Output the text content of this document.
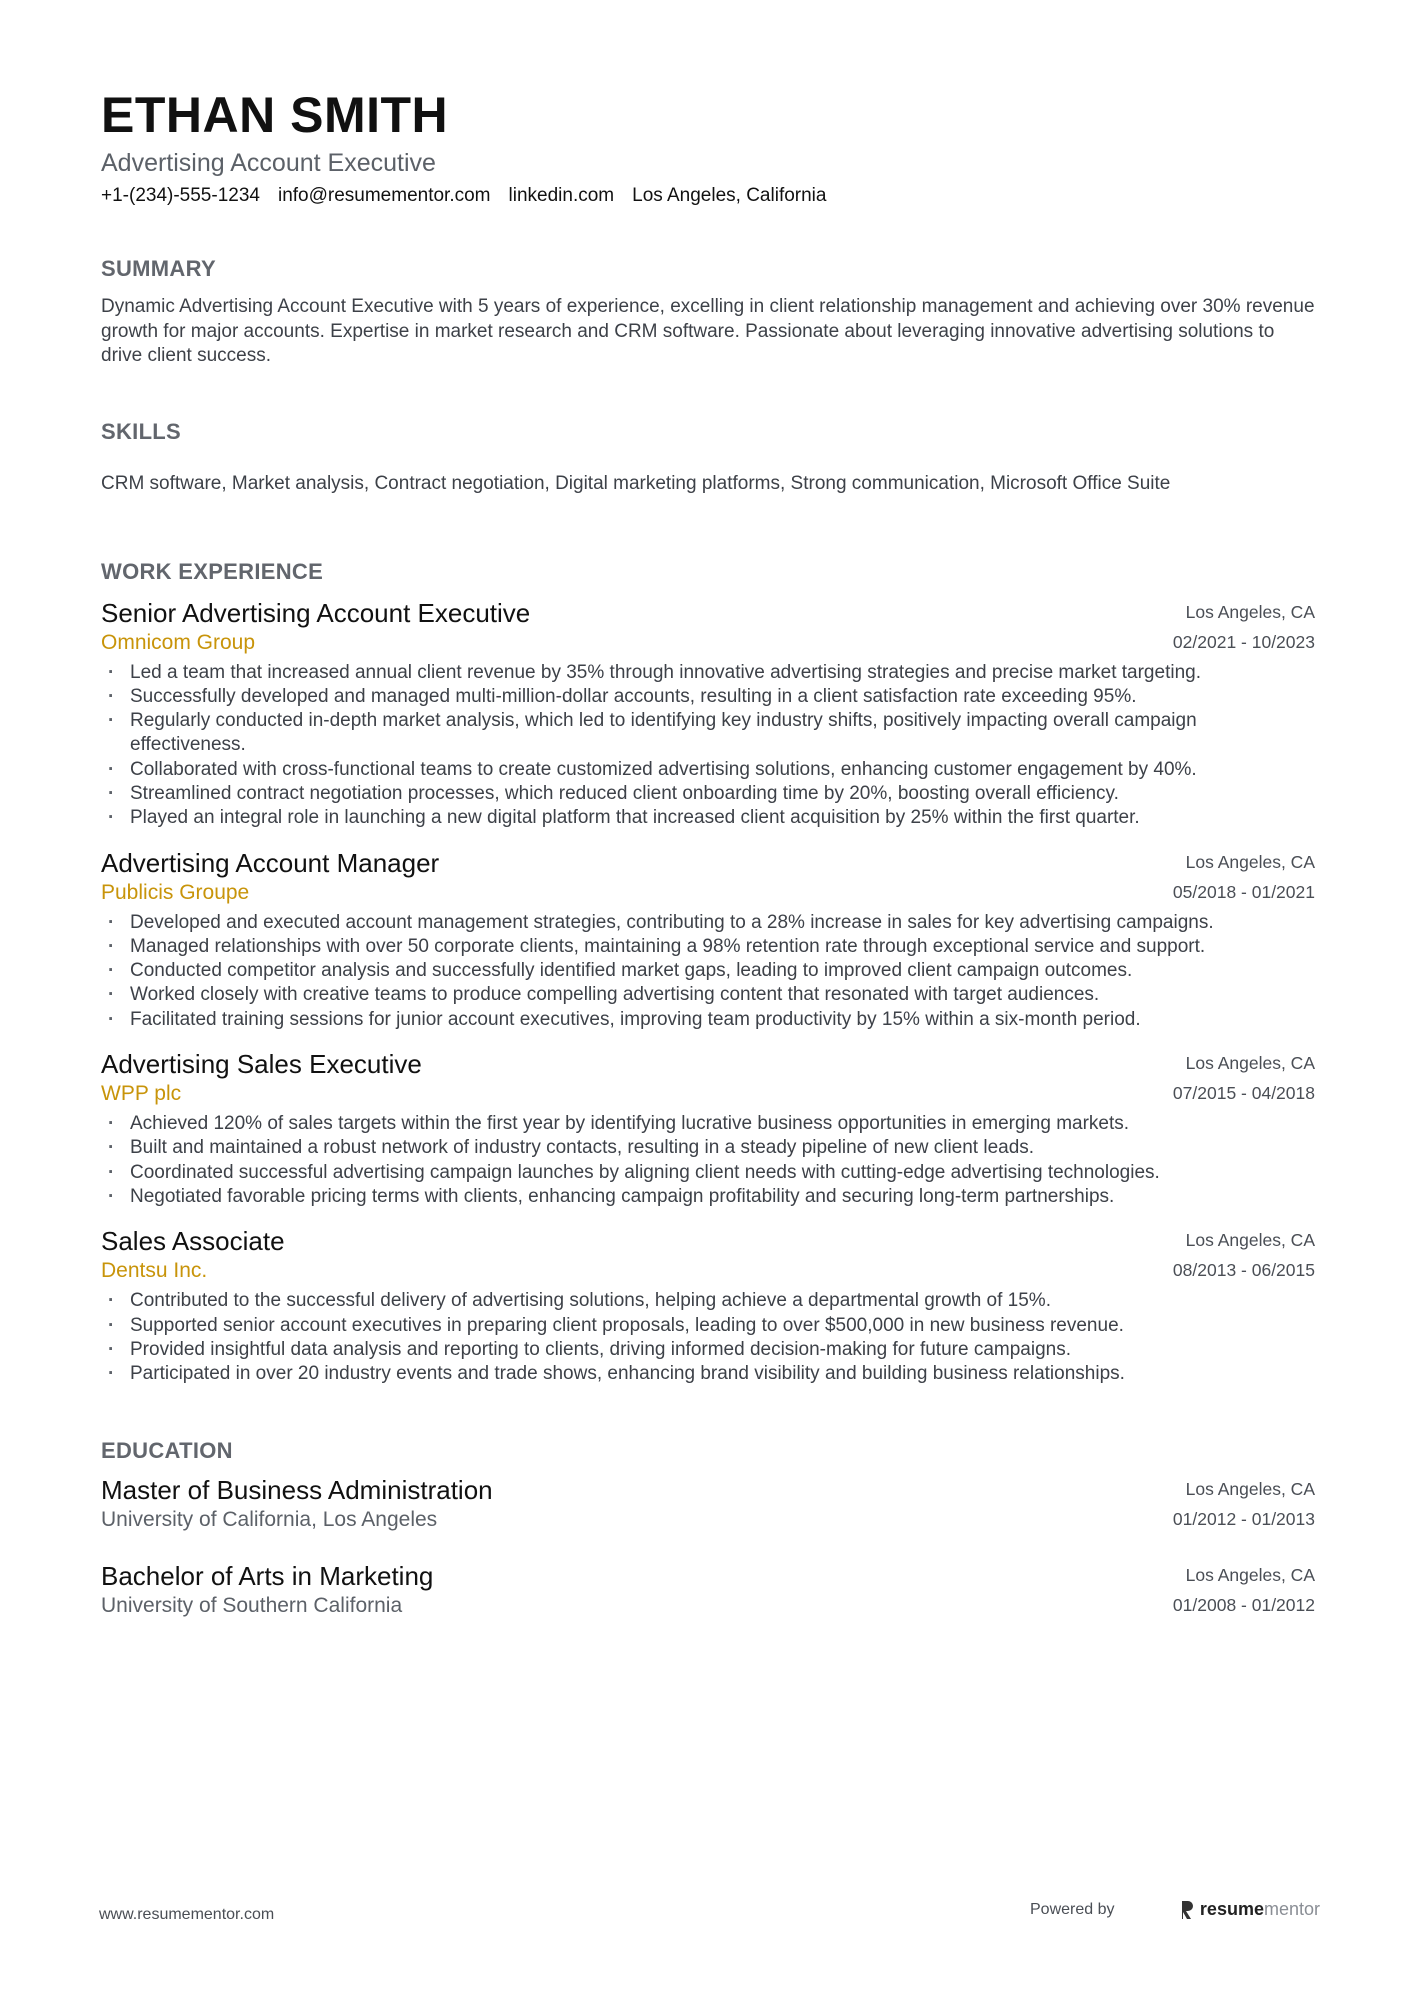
ETHAN SMITH
Advertising Account Executive
+1-(234)-555-1234 info@resumementor.com linkedin.com Los Angeles, California
SUMMARY
Dynamic Advertising Account Executive with 5 years of experience, excelling in client relationship management and achieving over 30% revenue growth for major accounts. Expertise in market research and CRM software. Passionate about leveraging innovative advertising solutions to drive client success.
SKILLS
CRM software, Market analysis, Contract negotiation, Digital marketing platforms, Strong communication, Microsoft Office Suite
WORK EXPERIENCE
Senior Advertising Account Executive
Omnicom Group
Los Angeles, CA
02/2021 - 10/2023
· Led a team that increased annual client revenue by 35% through innovative advertising strategies and precise market targeting.
· Successfully developed and managed multi-million-dollar accounts, resulting in a client satisfaction rate exceeding 95%.
· Regularly conducted in-depth market analysis, which led to identifying key industry shifts, positively impacting overall campaign effectiveness.
· Collaborated with cross-functional teams to create customized advertising solutions, enhancing customer engagement by 40%.
· Streamlined contract negotiation processes, which reduced client onboarding time by 20%, boosting overall efficiency.
· Played an integral role in launching a new digital platform that increased client acquisition by 25% within the first quarter.
Advertising Account Manager
Publicis Groupe
Los Angeles, CA
05/2018 - 01/2021
· Developed and executed account management strategies, contributing to a 28% increase in sales for key advertising campaigns.
· Managed relationships with over 50 corporate clients, maintaining a 98% retention rate through exceptional service and support.
· Conducted competitor analysis and successfully identified market gaps, leading to improved client campaign outcomes.
· Worked closely with creative teams to produce compelling advertising content that resonated with target audiences.
· Facilitated training sessions for junior account executives, improving team productivity by 15% within a six-month period.
Advertising Sales Executive
WPP plc
Los Angeles, CA
07/2015 - 04/2018
· Achieved 120% of sales targets within the first year by identifying lucrative business opportunities in emerging markets.
· Built and maintained a robust network of industry contacts, resulting in a steady pipeline of new client leads.
· Coordinated successful advertising campaign launches by aligning client needs with cutting-edge advertising technologies.
· Negotiated favorable pricing terms with clients, enhancing campaign profitability and securing long-term partnerships.
Sales Associate
Dentsu Inc.
Los Angeles, CA
08/2013 - 06/2015
· Contributed to the successful delivery of advertising solutions, helping achieve a departmental growth of 15%.
· Supported senior account executives in preparing client proposals, leading to over $500,000 in new business revenue.
· Provided insightful data analysis and reporting to clients, driving informed decision-making for future campaigns.
· Participated in over 20 industry events and trade shows, enhancing brand visibility and building business relationships.
EDUCATION
Master of Business Administration
University of California, Los Angeles
Los Angeles, CA
01/2012 - 01/2013
Bachelor of Arts in Marketing
University of Southern California
Los Angeles, CA
01/2008 - 01/2012
www.resumementor.com	Powered by	resume mentor
